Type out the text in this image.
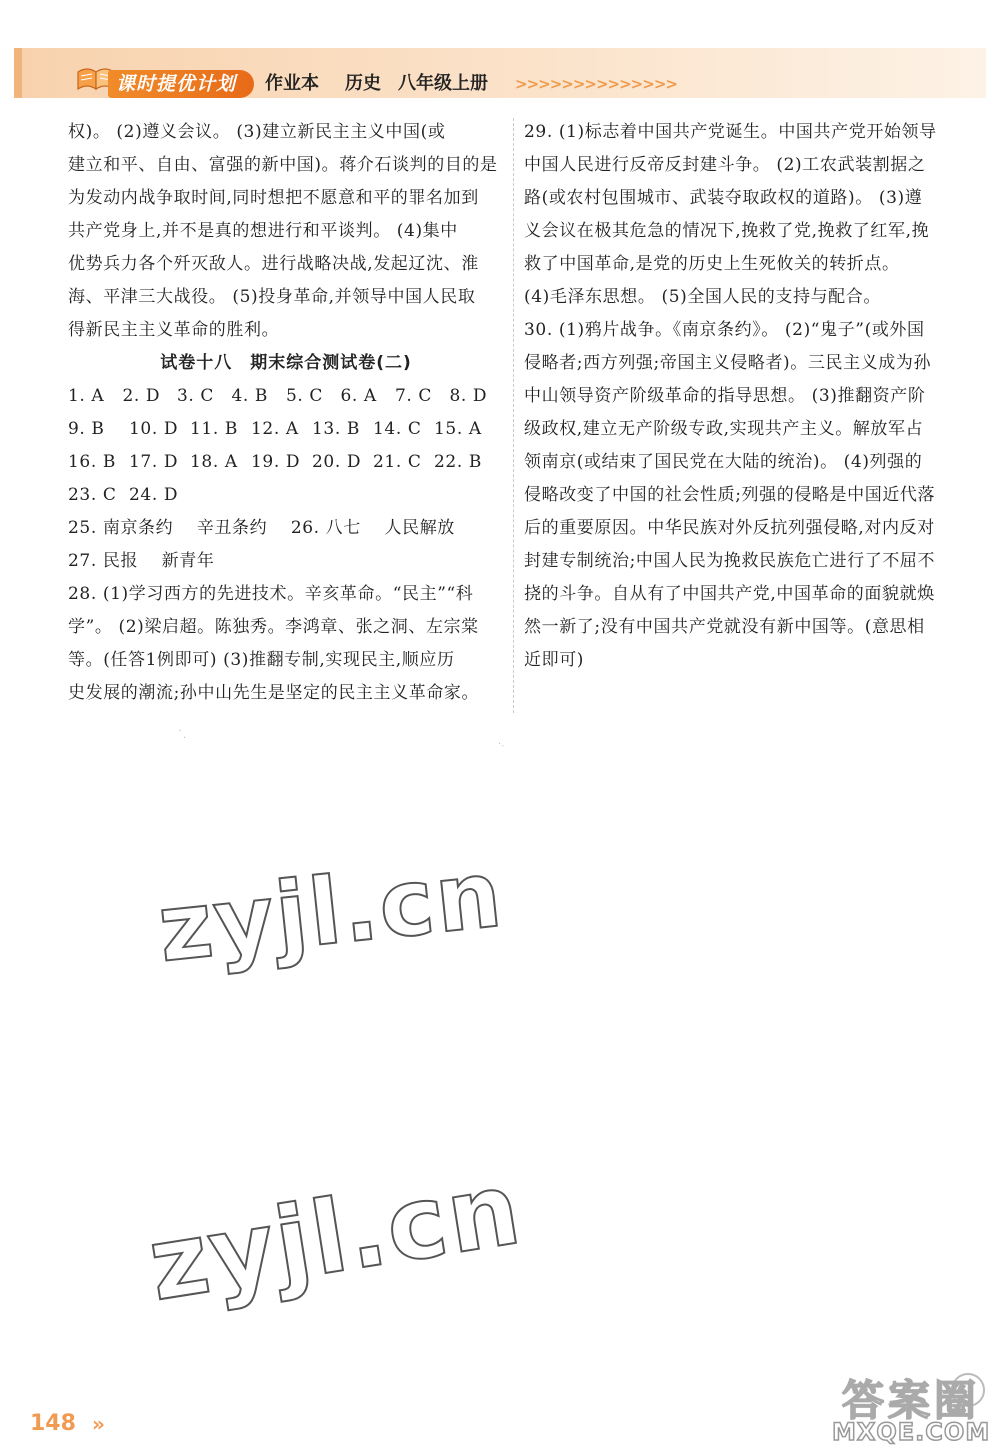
课时提优计划 作业本 历史 八年级上册 >>>>>>>>>>>>>>
权)。 (2)遵义会议。 (3)建立新民主主义中国(或
建立和平、自由、富强的新中国)。蒋介石谈判的目的是
为发动内战争取时间,同时想把不愿意和平的罪名加到
共产党身上,并不是真的想进行和平谈判。 (4)集中
优势兵力各个歼灭敌人。进行战略决战,发起辽沈、淮
海、平津三大战役。 (5)投身革命,并领导中国人民取
得新民主主义革命的胜利。
试卷十八　期末综合测试卷(二)
1. A	2. D 3. C	4. B	5. C	6. A	7. C	8. D
9. B	10. D 11. B 12. A 13. B 14. C 15. A
16. B 17. D 18. A 19. D 20. D 21. C 22. B
23. C 24. D
25. 南京条约　 辛丑条约　 26. 八七　 人民解放
27. 民报　 新青年
28. (1)学习西方的先进技术。辛亥革命。“民主”“科
学”。 (2)梁启超。陈独秀。李鸿章、张之洞、左宗棠
等。(任答1例即可) (3)推翻专制,实现民主,顺应历
史发展的潮流;孙中山先生是坚定的民主主义革命家。
29. (1)标志着中国共产党诞生。中国共产党开始领导
中国人民进行反帝反封建斗争。 (2)工农武装割据之
路(或农村包围城市、武装夺取政权的道路)。 (3)遵
义会议在极其危急的情况下,挽救了党,挽救了红军,挽
救了中国革命,是党的历史上生死攸关的转折点。
(4)毛泽东思想。 (5)全国人民的支持与配合。
30. (1)鸦片战争。《南京条约》。 (2)“鬼子”(或外国
侵略者;西方列强;帝国主义侵略者)。三民主义成为孙
中山领导资产阶级革命的指导思想。 (3)推翻资产阶
级政权,建立无产阶级专政,实现共产主义。解放军占
领南京(或结束了国民党在大陆的统治)。 (4)列强的
侵略改变了中国的社会性质;列强的侵略是中国近代落
后的重要原因。中华民族对外反抗列强侵略,对内反对
封建专制统治;中国人民为挽救民族危亡进行了不屈不
挠的斗争。自从有了中国共产党,中国革命的面貌就焕
然一新了;没有中国共产党就没有新中国等。(意思相
近即可)
ˋ.
.ˏ
zyjl.cn
zyjl.cn
148 »	答案圈
MXQE.COM
